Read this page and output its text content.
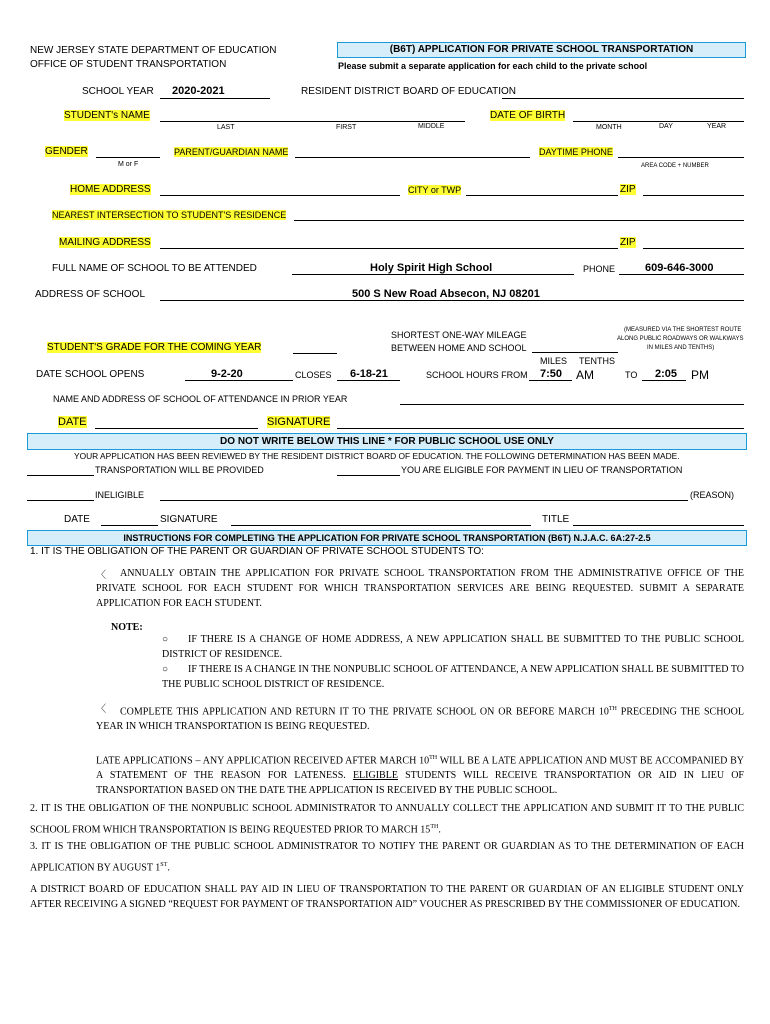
NEW JERSEY STATE DEPARTMENT OF EDUCATION
OFFICE OF STUDENT TRANSPORTATION
(B6T) APPLICATION FOR PRIVATE SCHOOL TRANSPORTATION
Please submit a separate application for each child to the private school
SCHOOL YEAR 2020-2021	RESIDENT DISTRICT BOARD OF EDUCATION
STUDENT's NAME
LAST	FIRST	MIDDLE
DATE OF BIRTH
MONTH	DAY	YEAR
GENDER
M or F
PARENT/GUARDIAN NAME	DAYTIME PHONE
AREA CODE + NUMBER
HOME ADDRESS	CITY or TWP	ZIP
NEAREST INTERSECTION TO STUDENT'S RESIDENCE
MAILING ADDRESS	ZIP
FULL NAME OF SCHOOL TO BE ATTENDED	Holy Spirit High School	PHONE	609-646-3000
ADDRESS OF SCHOOL	500 S New Road Absecon, NJ 08201
SHORTEST ONE-WAY MILEAGE
BETWEEN HOME AND SCHOOL
(MEASURED VIA THE SHORTEST ROUTE
ALONG PUBLIC ROADWAYS OR WALKWAYS
IN MILES AND TENTHS)
MILES TENTHS
STUDENT'S GRADE FOR THE COMING YEAR
DATE SCHOOL OPENS	9-2-20	CLOSES 6-18-21	SCHOOL HOURS FROM 7:50 AM	TO 2:05 PM
NAME AND ADDRESS OF SCHOOL OF ATTENDANCE IN PRIOR YEAR
DATE	SIGNATURE
DO NOT WRITE BELOW THIS LINE * FOR PUBLIC SCHOOL USE ONLY
YOUR APPLICATION HAS BEEN REVIEWED BY THE RESIDENT DISTRICT BOARD OF EDUCATION. THE FOLLOWING DETERMINATION HAS BEEN MADE.
TRANSPORTATION WILL BE PROVIDED	YOU ARE ELIGIBLE FOR PAYMENT IN LIEU OF TRANSPORTATION
INELIGIBLE	(REASON)
DATE	SIGNATURE	TITLE
INSTRUCTIONS FOR COMPLETING THE APPLICATION FOR PRIVATE SCHOOL TRANSPORTATION (B6T) N.J.A.C. 6A:27-2.5
1. IT IS THE OBLIGATION OF THE PARENT OR GUARDIAN OF PRIVATE SCHOOL STUDENTS TO:
〈	ANNUALLY OBTAIN THE APPLICATION FOR PRIVATE SCHOOL TRANSPORTATION FROM THE ADMINISTRATIVE OFFICE OF THE PRIVATE SCHOOL FOR EACH STUDENT FOR WHICH TRANSPORTATION SERVICES ARE BEING REQUESTED. SUBMIT A SEPARATE APPLICATION FOR EACH STUDENT.
NOTE:
○	IF THERE IS A CHANGE OF HOME ADDRESS, A NEW APPLICATION SHALL BE SUBMITTED TO THE PUBLIC SCHOOL DISTRICT OF RESIDENCE.
○	IF THERE IS A CHANGE IN THE NONPUBLIC SCHOOL OF ATTENDANCE, A NEW APPLICATION SHALL BE SUBMITTED TO THE PUBLIC SCHOOL DISTRICT OF RESIDENCE.
〈	COMPLETE THIS APPLICATION AND RETURN IT TO THE PRIVATE SCHOOL ON OR BEFORE MARCH 10TH PRECEDING THE SCHOOL YEAR IN WHICH TRANSPORTATION IS BEING REQUESTED.
LATE APPLICATIONS – ANY APPLICATION RECEIVED AFTER MARCH 10TH WILL BE A LATE APPLICATION AND MUST BE ACCOMPANIED BY A STATEMENT OF THE REASON FOR LATENESS. ELIGIBLE STUDENTS WILL RECEIVE TRANSPORTATION OR AID IN LIEU OF TRANSPORTATION BASED ON THE DATE THE APPLICATION IS RECEIVED BY THE PUBLIC SCHOOL.
2. IT IS THE OBLIGATION OF THE NONPUBLIC SCHOOL ADMINISTRATOR TO ANNUALLY COLLECT THE APPLICATION AND SUBMIT IT TO THE PUBLIC SCHOOL FROM WHICH TRANSPORTATION IS BEING REQUESTED PRIOR TO MARCH 15TH.
3. IT IS THE OBLIGATION OF THE PUBLIC SCHOOL ADMINISTRATOR TO NOTIFY THE PARENT OR GUARDIAN AS TO THE DETERMINATION OF EACH APPLICATION BY AUGUST 1ST.
A DISTRICT BOARD OF EDUCATION SHALL PAY AID IN LIEU OF TRANSPORTATION TO THE PARENT OR GUARDIAN OF AN ELIGIBLE STUDENT ONLY AFTER RECEIVING A SIGNED “REQUEST FOR PAYMENT OF TRANSPORTATION AID” VOUCHER AS PRESCRIBED BY THE COMMISSIONER OF EDUCATION.
